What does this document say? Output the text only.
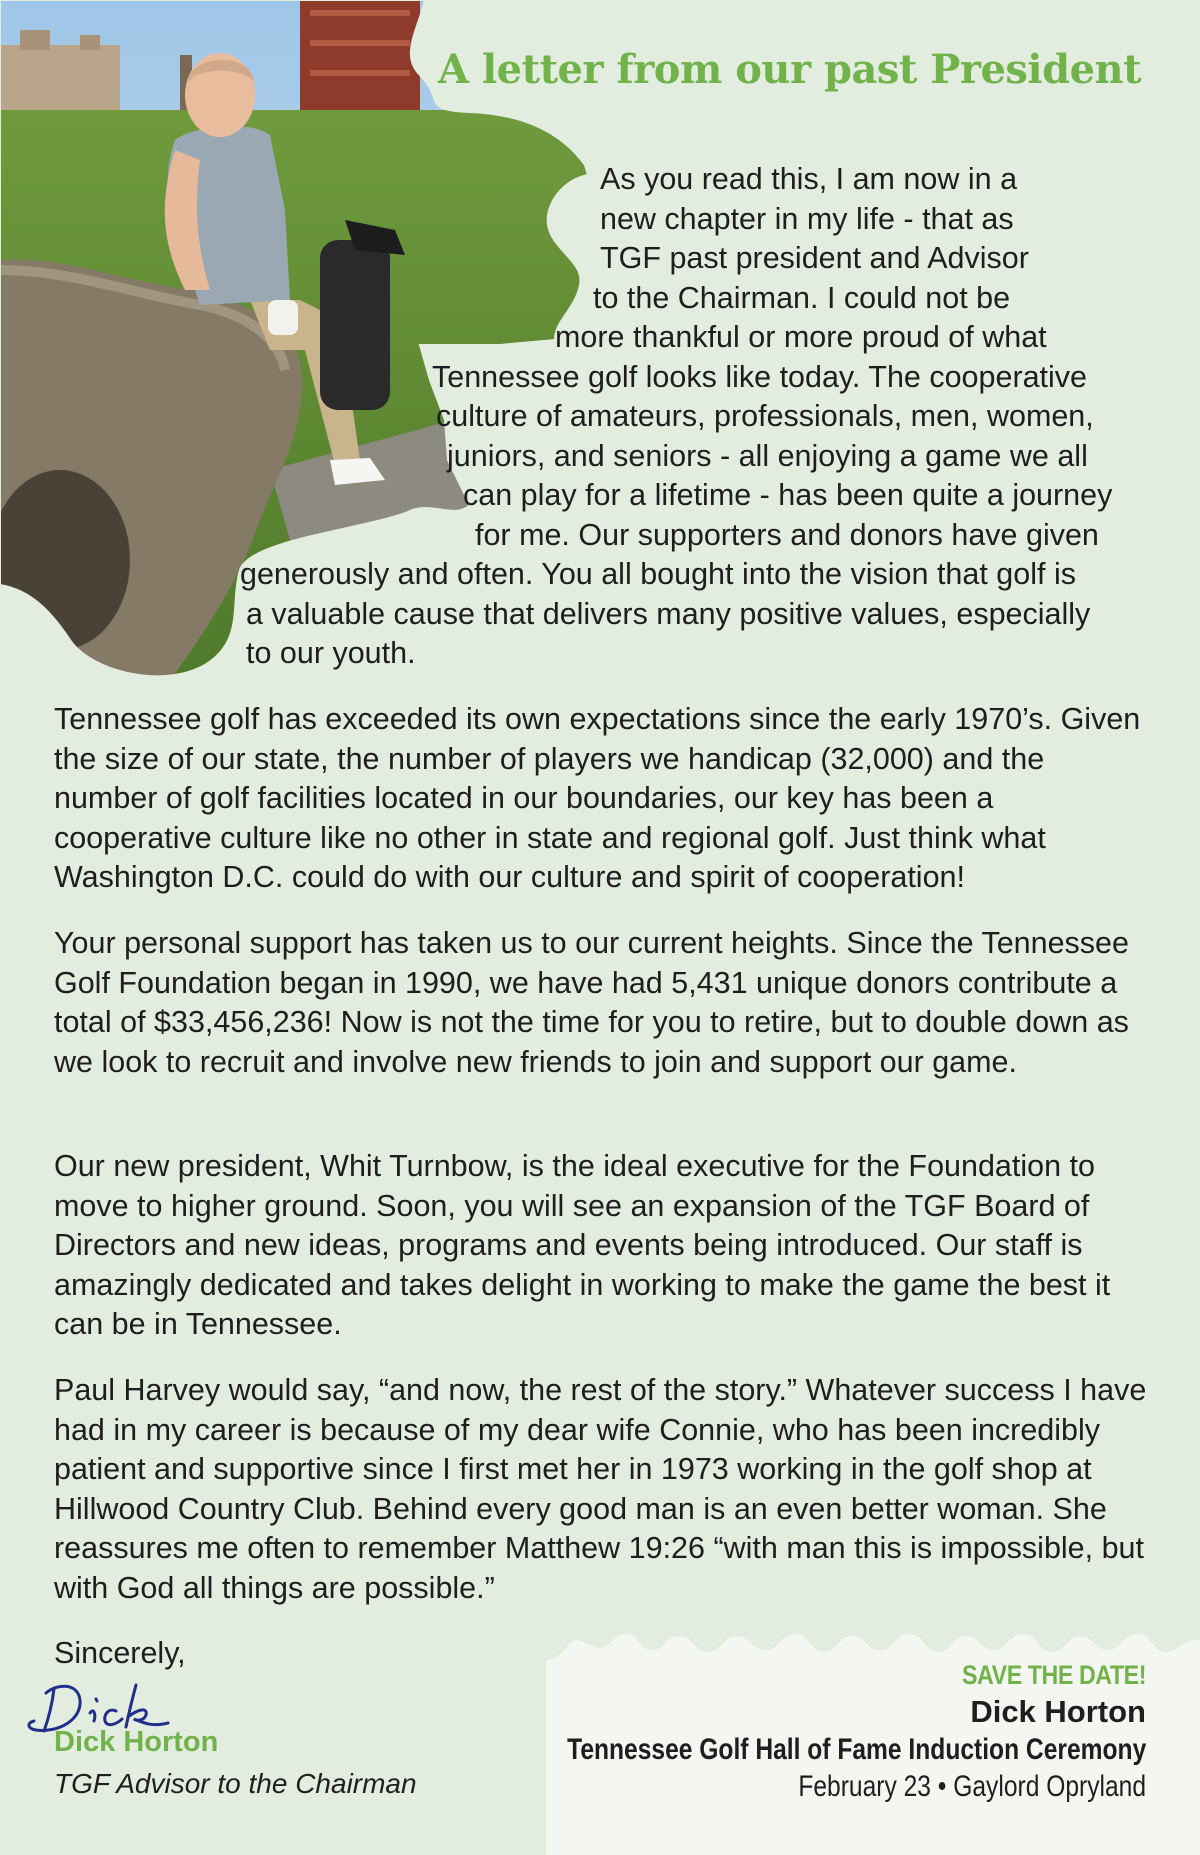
A letter from our past President
As you read this, I am now in a
new chapter in my life - that as
TGF past president and Advisor
to the Chairman. I could not be
more thankful or more proud of what
Tennessee golf looks like today. The cooperative
culture of amateurs, professionals, men, women,
juniors, and seniors - all enjoying a game we all
can play for a lifetime - has been quite a journey
for me. Our supporters and donors have given
generously and often. You all bought into the vision that golf is
a valuable cause that delivers many positive values, especially
to our youth.
Tennessee golf has exceeded its own expectations since the early 1970’s. Given the size of our state, the number of players we handicap (32,000) and the number of golf facilities located in our boundaries, our key has been a cooperative culture like no other in state and regional golf. Just think what Washington D.C. could do with our culture and spirit of cooperation!
Your personal support has taken us to our current heights. Since the Tennessee Golf Foundation began in 1990, we have had 5,431 unique donors contribute a total of $33,456,236! Now is not the time for you to retire, but to double down as we look to recruit and involve new friends to join and support our game.
Our new president, Whit Turnbow, is the ideal executive for the Foundation to move to higher ground. Soon, you will see an expansion of the TGF Board of Directors and new ideas, programs and events being introduced. Our staff is amazingly dedicated and takes delight in working to make the game the best it can be in Tennessee.
Paul Harvey would say, “and now, the rest of the story.” Whatever success I have had in my career is because of my dear wife Connie, who has been incredibly patient and supportive since I first met her in 1973 working in the golf shop at Hillwood Country Club. Behind every good man is an even better woman. She reassures me often to remember Matthew 19:26 “with man this is impossible, but with God all things are possible.”
Sincerely,
Dick Horton
TGF Advisor to the Chairman
SAVE THE DATE!
Dick Horton
Tennessee Golf Hall of Fame Induction Ceremony
February 23 • Gaylord Opryland
